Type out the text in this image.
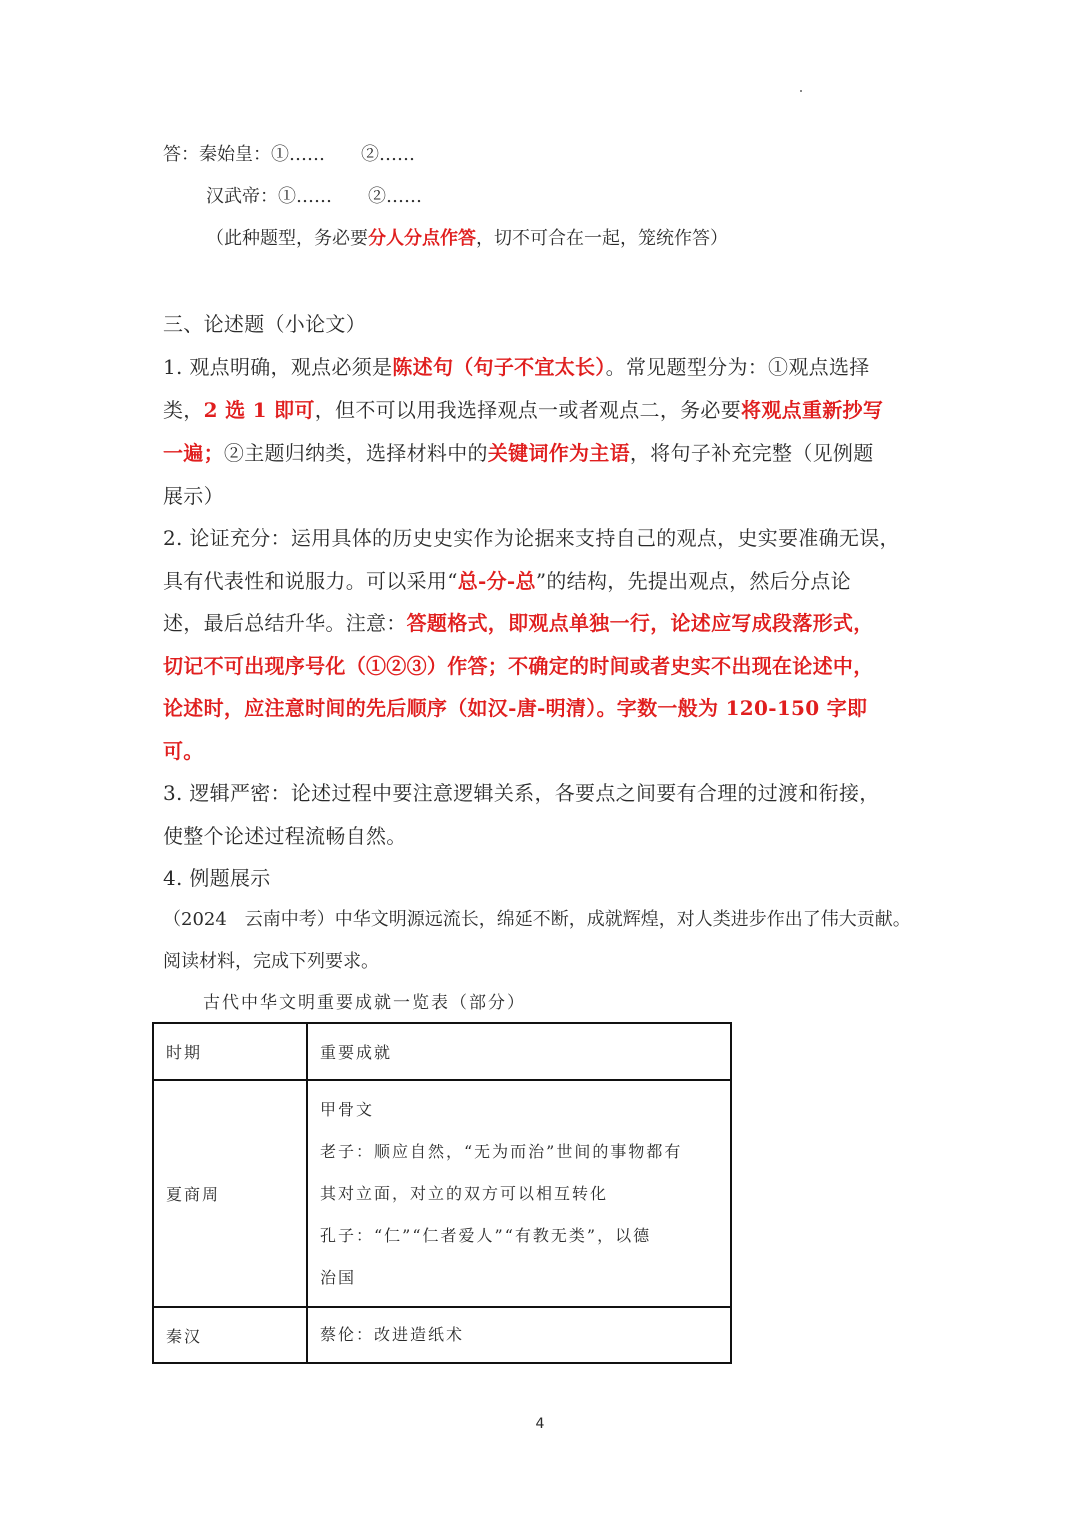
答：秦始皇：①……　　②……
汉武帝：①……　　②……
（此种题型，务必要分人分点作答，切不可合在一起，笼统作答）
三、论述题（小论文）
1. 观点明确，观点必须是陈述句（句子不宜太长）。常见题型分为：①观点选择
类，2 选 1 即可，但不可以用我选择观点一或者观点二，务必要将观点重新抄写
一遍；②主题归纳类，选择材料中的关键词作为主语，将句子补充完整（见例题
展示）
2. 论证充分：运用具体的历史史实作为论据来支持自己的观点，史实要准确无误，
具有代表性和说服力。可以采用“总-分-总”的结构，先提出观点，然后分点论
述，最后总结升华。注意：答题格式，即观点单独一行，论述应写成段落形式，
切记不可出现序号化（①②③）作答；不确定的时间或者史实不出现在论述中，
论述时，应注意时间的先后顺序（如汉-唐-明清）。字数一般为 120-150 字即
可。
3. 逻辑严密：论述过程中要注意逻辑关系，各要点之间要有合理的过渡和衔接，
使整个论述过程流畅自然。
4. 例题展示
（2024　云南中考）中华文明源远流长，绵延不断，成就辉煌，对人类进步作出了伟大贡献。
阅读材料，完成下列要求。
古代中华文明重要成就一览表（部分）
时期	重要成就
夏商周	甲骨文
老子：顺应自然，“无为而治”世间的事物都有
其对立面，对立的双方可以相互转化
孔子：“仁”“仁者爱人”“有教无类”，以德
治国

秦汉	蔡伦：改进造纸术
4
